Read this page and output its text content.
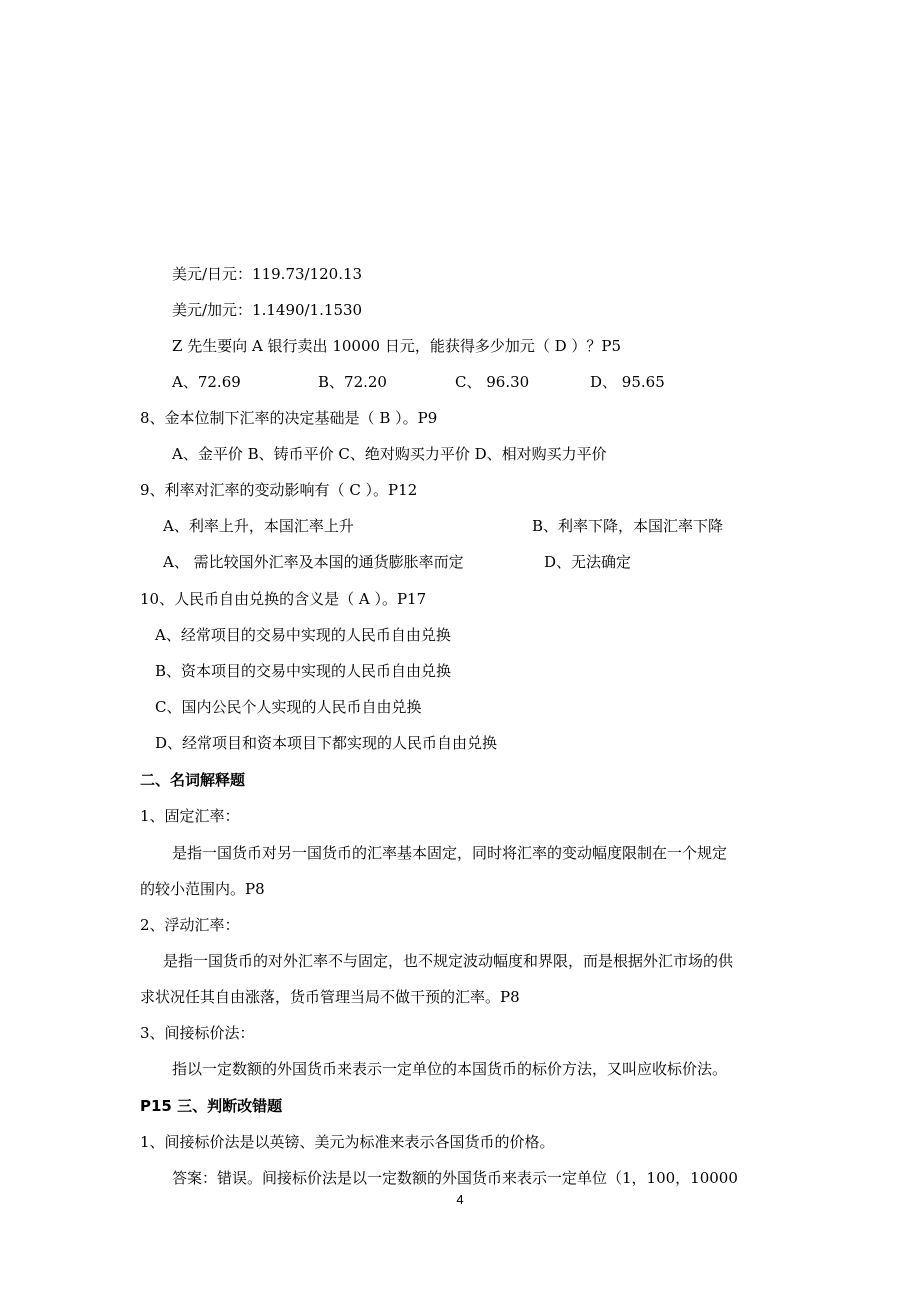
美元/日元：119.73/120.13
美元/加元：1.1490/1.1530
Z 先生要向 A 银行卖出 10000 日元，能获得多少加元（ D ）？P5
A、72.69	B、72.20	C、 96.30	D、 95.65
8、金本位制下汇率的决定基础是（ B ）。P9
A、金平价 B、铸币平价 C、绝对购买力平价 D、相对购买力平价
9、利率对汇率的变动影响有（ C ）。P12
A、利率上升，本国汇率上升	B、利率下降，本国汇率下降
A、 需比较国外汇率及本国的通货膨胀率而定	D、无法确定
10、人民币自由兑换的含义是（ A ）。P17
A、经常项目的交易中实现的人民币自由兑换
B、资本项目的交易中实现的人民币自由兑换
C、国内公民个人实现的人民币自由兑换
D、经常项目和资本项目下都实现的人民币自由兑换
二、名词解释题
1、固定汇率：
是指一国货币对另一国货币的汇率基本固定，同时将汇率的变动幅度限制在一个规定
的较小范围内。P8
2、浮动汇率：
是指一国货币的对外汇率不与固定，也不规定波动幅度和界限，而是根据外汇市场的供
求状况任其自由涨落，货币管理当局不做干预的汇率。P8
3、间接标价法：
指以一定数额的外国货币来表示一定单位的本国货币的标价方法，又叫应收标价法。
P15 三、判断改错题
1、间接标价法是以英镑、美元为标准来表示各国货币的价格。
答案：错误。间接标价法是以一定数额的外国货币来表示一定单位（1，100，10000
4
